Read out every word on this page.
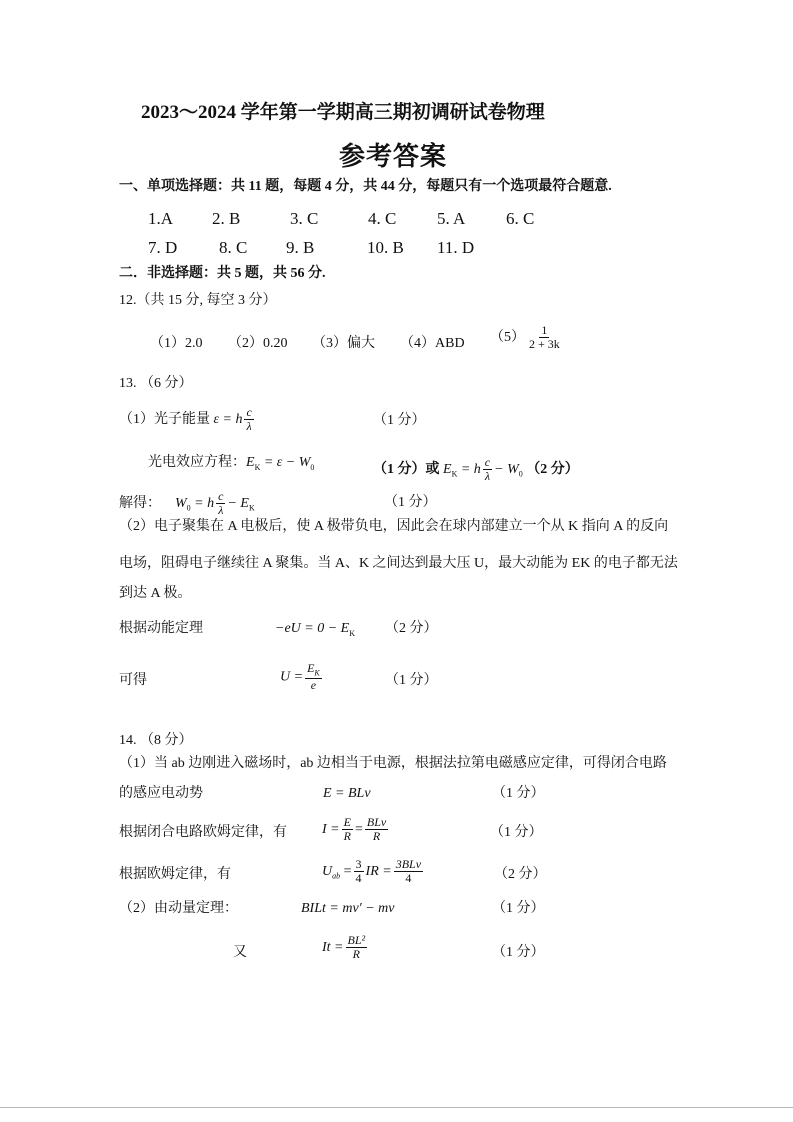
2023～2024 学年第一学期高三期初调研试卷物理
参考答案
一、单项选择题：共 11 题，每题 4 分，共 44 分，每题只有一个选项最符合题意.
1.A 2. B	3. C	4. C 5. A 6. C
7. D 8. C 9. B	10. B 11. D
二．非选择题：共 5 题，共 56 分.
12.（共 15 分, 每空 3 分）
（1）2.0 （2）0.20 （3）偏大 （4）ABD $(5) \frac{1}{2 + 3k}$
13. （6 分）
（1）光子能量 ε = h $\frac{c}{\lambda}$	（1 分）
光电效应方程：$E_K = \varepsilon - W_0$	（1 分）或 $E_K = h \frac{c}{\lambda} - W_0$ （2 分）
解得： $W_0 = h \frac{c}{\lambda} - E_K$	（1 分）
（2）电子聚集在 A 电极后，使 A 极带负电，因此会在球内部建立一个从 K 指向 A 的反向
电场，阻碍电子继续往 A 聚集。当 A、K 之间达到最大压 U，最大动能为 EK 的电子都无法
到达 A 极。
根据动能定理	$-eU = 0 - E_K$ （2 分）
可得	$U = \frac{E_K}{e}$	（1 分）
14. （8 分）
（1）当 ab 边刚进入磁场时，ab 边相当于电源，根据法拉第电磁感应定律，可得闭合电路
的感应电动势	E = BLv	（1 分）
根据闭合电路欧姆定律，有	$I = \frac{E}{R} = \frac{\text{BLv}}{R}$	（1 分）
根据欧姆定律，有	$U_{ab} = \frac{3}{4}$ IR = $\frac{\text{3BLv}}{4}$	（2 分）
（2）由动量定理：	BILt = mv′ − mv	（1 分）
又	$It = \frac{\text{BL²}}{R}$	（1 分）
